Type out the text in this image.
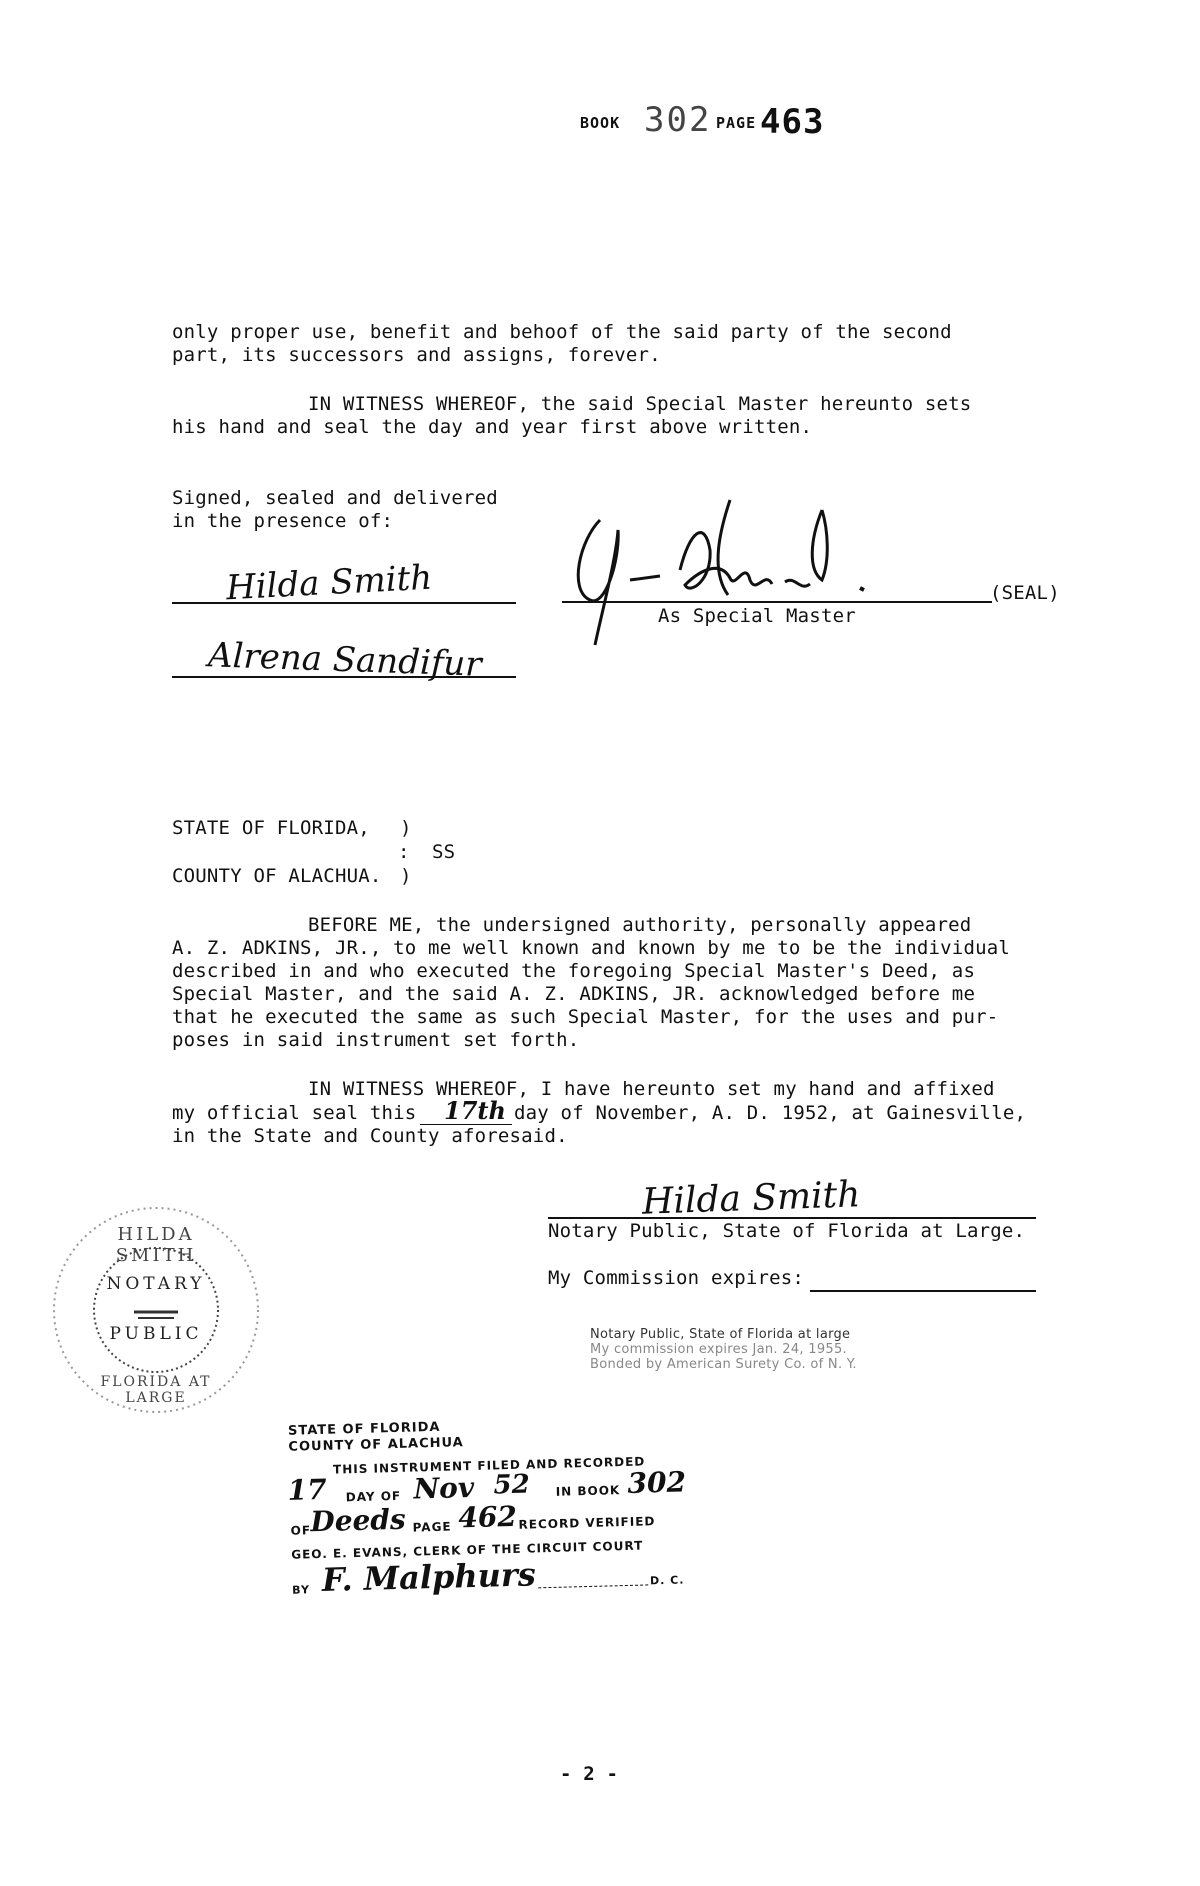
BOOK 302 PAGE 463
only proper use, benefit and behoof of the said party of the second
part, its successors and assigns, forever.
IN WITNESS WHEREOF, the said Special Master hereunto sets
his hand and seal the day and year first above written.
Signed, sealed and delivered
in the presence of:
Hilda Smith
Alrena Sandifur
(SEAL)
As Special Master
STATE OF FLORIDA, )
: SS
COUNTY OF ALACHUA. )
BEFORE ME, the undersigned authority, personally appeared
A. Z. ADKINS, JR., to me well known and known by me to be the individual
described in and who executed the foregoing Special Master's Deed, as
Special Master, and the said A. Z. ADKINS, JR. acknowledged before me
that he executed the same as such Special Master, for the uses and pur-
poses in said instrument set forth.
IN WITNESS WHEREOF, I have hereunto set my hand and affixed
my official seal this 17th day of November, A. D. 1952, at Gainesville,
in the State and County aforesaid.
Hilda Smith
Notary Public, State of Florida at Large.
My Commission expires:
Notary Public, State of Florida at large
My commission expires Jan. 24, 1955.
Bonded by American Surety Co. of N. Y.
HILDA SMITH
NOTARY
PUBLIC
FLORIDA AT LARGE
STATE OF FLORIDA
COUNTY OF ALACHUA
THIS INSTRUMENT FILED AND RECORDED
17 DAY OF Nov 52 IN BOOK 302
OF
Deeds PAGE 462 RECORD VERIFIED
GEO. E. EVANS, CLERK OF THE CIRCUIT COURT
BY F. Malphurs	D. C.
- 2 -
